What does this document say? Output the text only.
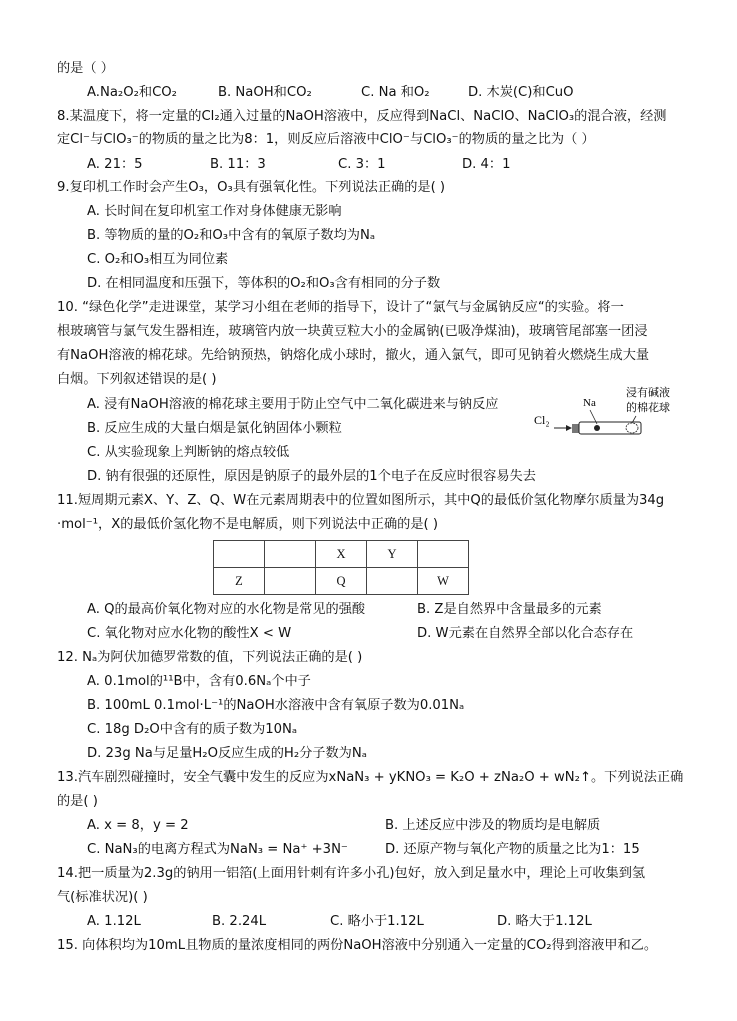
的是（ ）
A.Na₂O₂和CO₂	B. NaOH和CO₂	C. Na 和O₂	D. 木炭(C)和CuO
8.某温度下，将一定量的Cl₂通入过量的NaOH溶液中，反应得到NaCl、NaClO、NaClO₃的混合液，经测
定Cl⁻与ClO₃⁻的物质的量之比为8：1，则反应后溶液中ClO⁻与ClO₃⁻的物质的量之比为（ ）
A. 21：5	B. 11：3	C. 3：1	D. 4：1
9.复印机工作时会产生O₃，O₃具有强氧化性。下列说法正确的是( )
A. 长时间在复印机室工作对身体健康无影响
B. 等物质的量的O₂和O₃中含有的氧原子数均为Nₐ
C. O₂和O₃相互为同位素
D. 在相同温度和压强下，等体积的O₂和O₃含有相同的分子数
10. “绿色化学”走进课堂，某学习小组在老师的指导下，设计了“氯气与金属钠反应“的实验。将一
根玻璃管与氯气发生器相连，玻璃管内放一块黄豆粒大小的金属钠(已吸净煤油)，玻璃管尾部塞一团浸
有NaOH溶液的棉花球。先给钠预热，钠熔化成小球时，撤火，通入氯气，即可见钠着火燃烧生成大量
白烟。下列叙述错误的是( )
A. 浸有NaOH溶液的棉花球主要用于防止空气中二氧化碳进来与钠反应
B. 反应生成的大量白烟是氯化钠固体小颗粒
C. 从实验现象上判断钠的熔点较低
D. 钠有很强的还原性，原因是钠原子的最外层的1个电子在反应时很容易失去
Cl₂
Na
浸有碱液
的棉花球
11.短周期元素X、Y、Z、Q、W在元素周期表中的位置如图所示，其中Q的最低价氢化物摩尔质量为34g
·mol⁻¹，X的最低价氢化物不是电解质，则下列说法中正确的是( )
		X	Y	
Z		Q		W
A. Q的最高价氧化物对应的水化物是常见的强酸	B. Z是自然界中含量最多的元素
C. 氧化物对应水化物的酸性X < W	D. W元素在自然界全部以化合态存在
12. Nₐ为阿伏加德罗常数的值，下列说法正确的是( )
A. 0.1mol的¹¹B中，含有0.6Nₐ个中子
B. 100mL 0.1mol·L⁻¹的NaOH水溶液中含有氧原子数为0.01Nₐ
C. 18g D₂O中含有的质子数为10Nₐ
D. 23g Na与足量H₂O反应生成的H₂分子数为Nₐ
13.汽车剧烈碰撞时，安全气囊中发生的反应为xNaN₃ + yKNO₃ = K₂O + zNa₂O + wN₂↑。下列说法正确
的是( )
A. x = 8，y = 2	B. 上述反应中涉及的物质均是电解质
C. NaN₃的电离方程式为NaN₃ = Na⁺ +3N⁻	D. 还原产物与氧化产物的质量之比为1：15
14.把一质量为2.3g的钠用一铝箔(上面用针刺有许多小孔)包好，放入到足量水中，理论上可收集到氢
气(标准状况)( )
A. 1.12L	B. 2.24L	C. 略小于1.12L	D. 略大于1.12L
15. 向体积均为10mL且物质的量浓度相同的两份NaOH溶液中分别通入一定量的CO₂得到溶液甲和乙。
